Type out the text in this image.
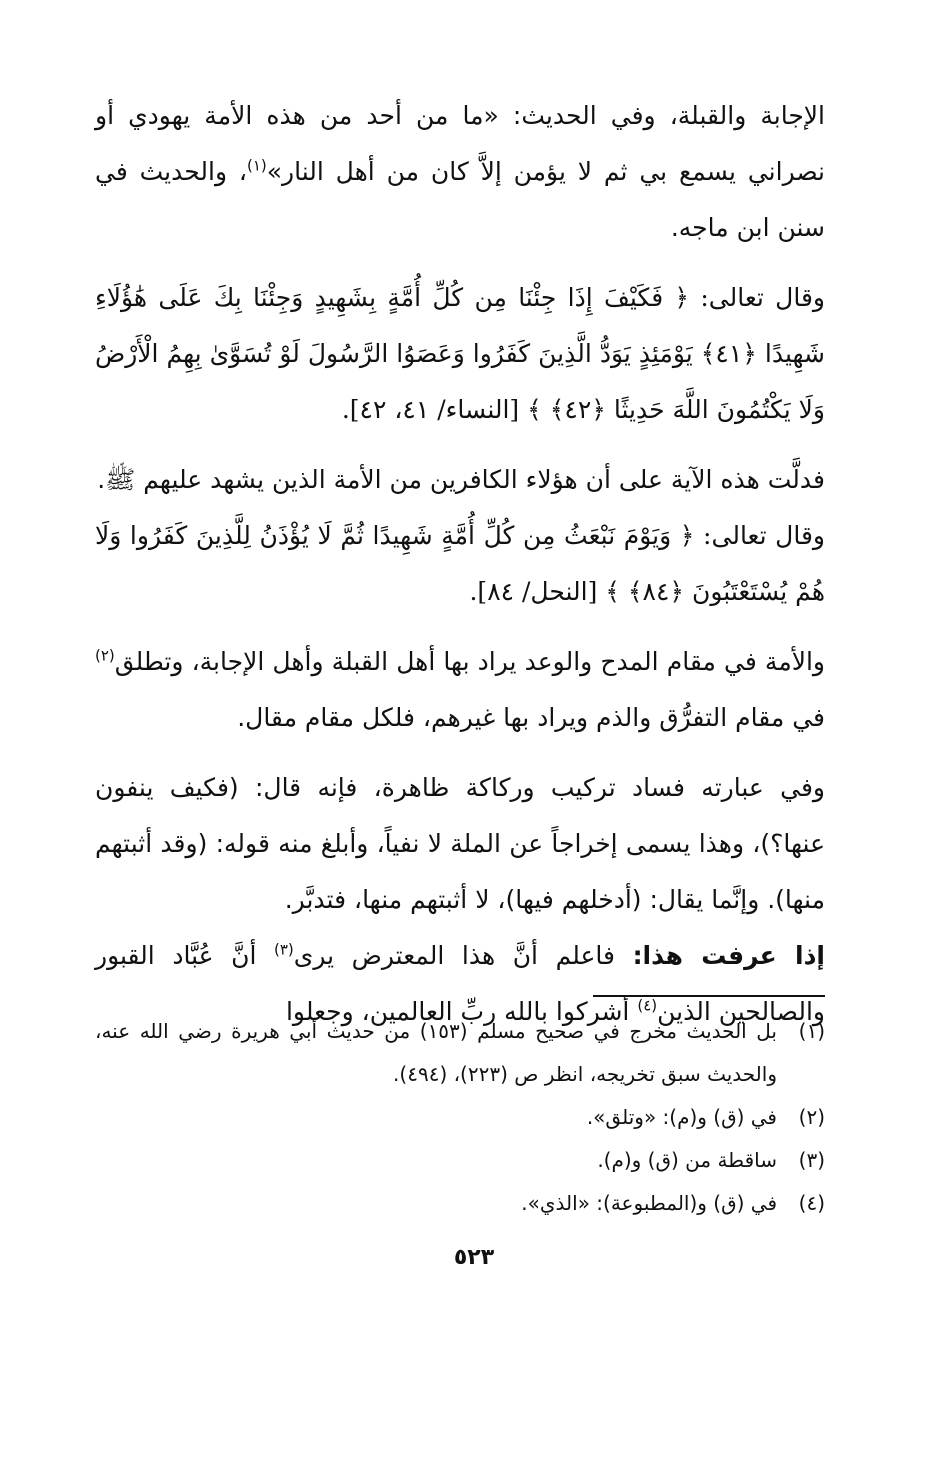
الإجابة والقبلة، وفي الحديث: «ما من أحد من هذه الأمة يهودي أو نصراني يسمع بي ثم لا يؤمن إلاَّ كان من أهل النار»$^{(١)}$، والحديث في سنن ابن ماجه.

وقال تعالى: ﴿ فَكَيْفَ إِذَا جِئْنَا مِن كُلِّ أُمَّةٍ بِشَهِيدٍ وَجِئْنَا بِكَ عَلَى هَٰؤُلَاءِ شَهِيدًا ﴿٤١﴾ يَوْمَئِذٍ يَوَدُّ الَّذِينَ كَفَرُوا وَعَصَوُا الرَّسُولَ لَوْ تُسَوَّىٰ بِهِمُ الْأَرْضُ وَلَا يَكْتُمُونَ اللَّهَ حَدِيثًا ﴿٤٢﴾ ﴾ [النساء/ ٤١، ٤٢].

فدلَّت هذه الآية على أن هؤلاء الكافرين من الأمة الذين يشهد عليهم ﷺ.

وقال تعالى: ﴿ وَيَوْمَ نَبْعَثُ مِن كُلِّ أُمَّةٍ شَهِيدًا ثُمَّ لَا يُؤْذَنُ لِلَّذِينَ كَفَرُوا وَلَا هُمْ يُسْتَعْتَبُونَ ﴿٨٤﴾ ﴾ [النحل/ ٨٤].

والأمة في مقام المدح والوعد يراد بها أهل القبلة وأهل الإجابة، وتطلق$^{(٢)}$ في مقام التفرُّق والذم ويراد بها غيرهم، فلكل مقام مقال.

وفي عبارته فساد تركيب وركاكة ظاهرة، فإنه قال: (فكيف ينفون عنها؟)، وهذا يسمى إخراجاً عن الملة لا نفياً، وأبلغ منه قوله: (وقد أثبتهم منها). وإنَّما يقال: (أدخلهم فيها)، لا أثبتهم منها، فتدبَّر.

إذا عرفت هذا: فاعلم أنَّ هذا المعترض يرى$^{(٣)}$ أنَّ عُبَّاد القبور والصالحين الذين$^{(٤)}$ أشركوا بالله ربِّ العالمين، وجعلوا

(١)
بل الحديث مخرج في صحيح مسلم (١٥٣) من حديث أبي هريرة رضي الله عنه، والحديث سبق تخريجه، انظر ص (٢٢٣)، (٤٩٤).
(٢)
في (ق) و(م): «وتلق».
(٣)
ساقطة من (ق) و(م).
(٤)
في (ق) و(المطبوعة): «الذي».
٥٢٣
